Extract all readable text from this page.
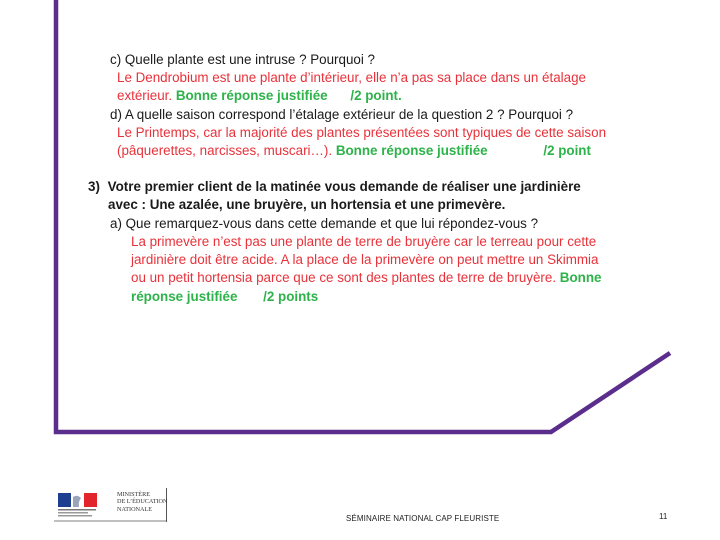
c) Quelle plante est une intruse ? Pourquoi ?
Le Dendrobium est une plante d’intérieur, elle n’a pas sa place dans un étalage
extérieur. Bonne réponse justifiée /2 point.
d) A quelle saison correspond l’étalage extérieur de la question 2 ? Pourquoi ?
Le Printemps, car la majorité des plantes présentées sont typiques de cette saison
(pâquerettes, narcisses, muscari…). Bonne réponse justifiée	/2 point
3) Votre premier client de la matinée vous demande de réaliser une jardinière
avec : Une azalée, une bruyère, un hortensia et une primevère.
a) Que remarquez-vous dans cette demande et que lui répondez-vous ?
La primevère n’est pas une plante de terre de bruyère car le terreau pour cette
jardinière doit être acide. A la place de la primevère on peut mettre un Skimmia
ou un petit hortensia parce que ce sont des plantes de terre de bruyère. Bonne
réponse justifiée /2 points
MINISTÈRE
DE L’ÉDUCATION
NATIONALE
SÉMINAIRE NATIONAL CAP FLEURISTE	11
